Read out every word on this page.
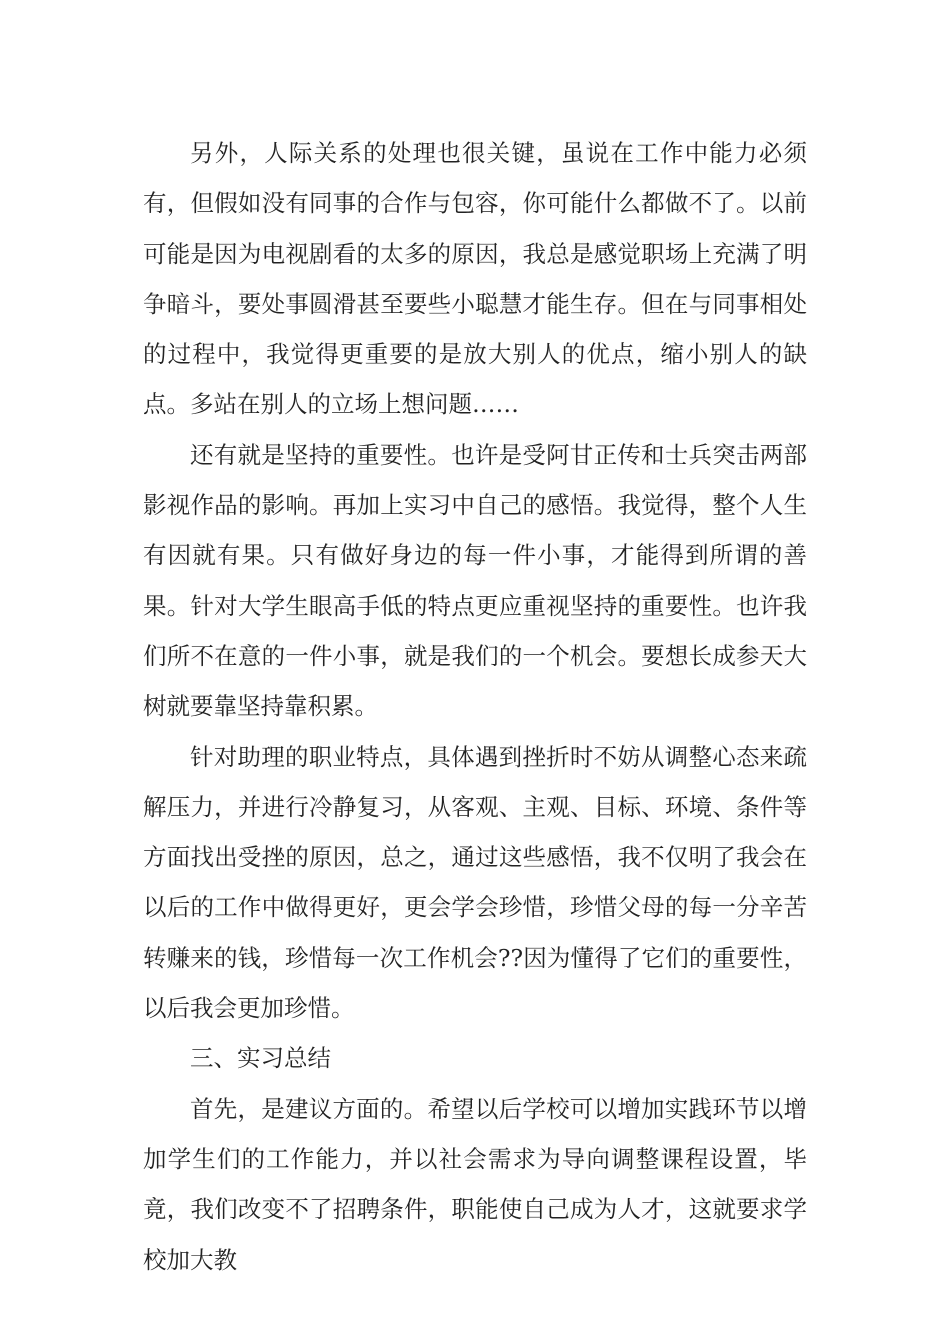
另外，人际关系的处理也很关键，虽说在工作中能力必须有，但假如没有同事的合作与包容，你可能什么都做不了。以前可能是因为电视剧看的太多的原因，我总是感觉职场上充满了明争暗斗，要处事圆滑甚至要些小聪慧才能生存。但在与同事相处的过程中，我觉得更重要的是放大别人的优点，缩小别人的缺点。多站在别人的立场上想问题……

还有就是坚持的重要性。也许是受阿甘正传和士兵突击两部影视作品的影响。再加上实习中自己的感悟。我觉得，整个人生有因就有果。只有做好身边的每一件小事，才能得到所谓的善果。针对大学生眼高手低的特点更应重视坚持的重要性。也许我们所不在意的一件小事，就是我们的一个机会。要想长成参天大树就要靠坚持靠积累。

针对助理的职业特点，具体遇到挫折时不妨从调整心态来疏解压力，并进行冷静复习，从客观、主观、目标、环境、条件等方面找出受挫的原因，总之，通过这些感悟，我不仅明了我会在以后的工作中做得更好，更会学会珍惜，珍惜父母的每一分辛苦转赚来的钱，珍惜每一次工作机会??因为懂得了它们的重要性，以后我会更加珍惜。

三、实习总结

首先，是建议方面的。希望以后学校可以增加实践环节以增加学生们的工作能力，并以社会需求为导向调整课程设置，毕竟，我们改变不了招聘条件，职能使自己成为人才，这就要求学校加大教
